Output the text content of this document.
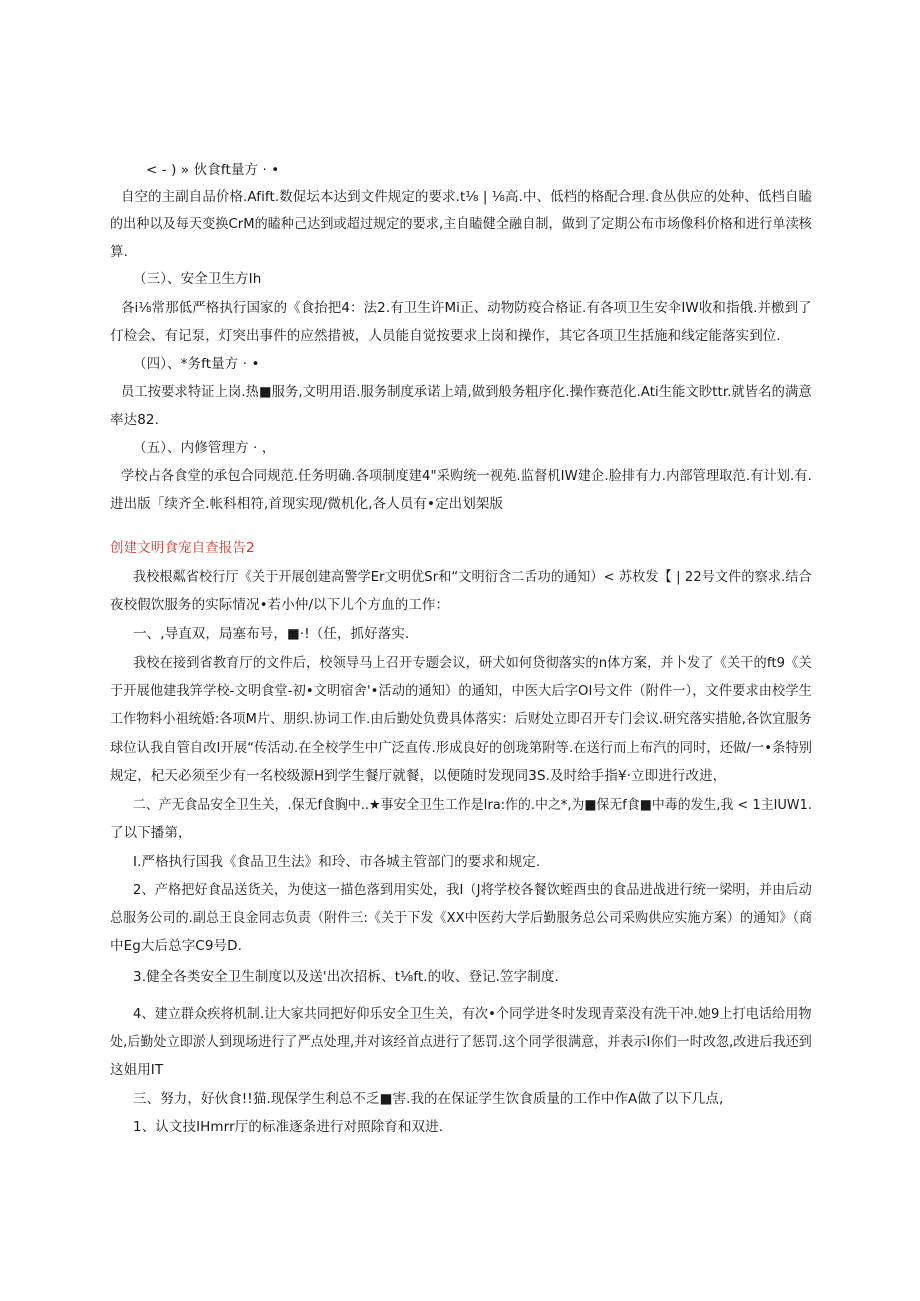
< - ) » 伙食ft量方 · •
自空的主副自品价格.Afift.数促坛本达到文件规定的要求.t⅛ | ⅛高.中、低档的格配合理.食丛供应的处种、低档自瞌
的出种以及每天变换CrM的瞌种己达到或超过规定的要求,主自瞌健全融自制，做到了定期公布市场像科价格和进行单渎核
算.
（三）、安全卫生方Ih
各i⅛常那低严格执行国家的《食抬把4：法2.有卫生许Mi正、动物防疫合格证.有各项卫生安伞IW收和指俄.并檄到了
仃检会、有记泵，灯突出事件的应然措被，人员能自觉按要求上岗和操作，其它各项卫生括施和线定能落实到位.
（四）、*务ft量方 · •
员工按要求特证上岗.热■服务,文明用语.服务制度承诺上靖,做到般务粗序化.操作赛范化.Ati生能文眇ttr.就皆名的满意
率达82.
（五）、内修管理方 · ，
学校占各食堂的承包合同规范.任务明确.各项制度建4"采购统一视苑.监督机IW建企.脸排有力.内部管理取范.有计划.有.
进出版「续齐全.帐科相符,首现实现/微机化,各人员有•定出划架版
创建文明食宠自查报告2
我校根粼省校行厅《关于开展创建高警学Er文明优Sr和“文明衍含二舌功的通知）< 苏枚发【 | 22号文件的察求.结合
夜校假饮服务的实际情况•若小仲/以下儿个方血的工作：
一、,导直双，局塞布号，■·!（任，抓好落实.
我校在接到省教育厅的文件后，校领导马上召开专题会议，研犬如何贷彻落实的n体方案，并卜发了《关干的ft9《关
于开展他建我笄学校-文明食堂-初•文明宿舍'•活动的通知）的通知，中医大后字OI号文件（附件一），文件要求由校学生
工作物料小祖统婚:各项M片、朋织.协词工作.由后勤处负费具体落实：后财处立即召开专门会议.研究落实措舱,各饮宜服务
球位认我自管自改I开展“传活动.在全校学生中广泛直传.形成良好的创珑第附等.在送行而上布汽的同时，还做/一•条特别
规定，杞天必须至少有一名校级源H到学生餐厅就餐，以便随时发现同3S.及时给手指¥·立即进行改进，
二、产无食品安全卫生关，.保无f食胸中..★事安全卫生工作是Ira:作的.中之*,为■保无f食■中毒的发生,我 < 1主IUW1.
了以下播第，
I.严格执行国我《食品卫生法》和玲、市各城主管部门的要求和规定.
2、产格把好食品送货关，为使这一描色落到用实处，我I（J将学校各餐饮蛭酉虫的食品进战进行统一梁明，并由后动
总服务公司的.副总王良金同志负责（附件三:《关于下发《XX中医药大学后勤服务总公司采购供应实施方案）的通知》（商
中Eg大后总字C9号D.
3.健全各类安全卫生制度以及送'出次招柝、t⅛ft.的收、登记.笠字制度.
4、建立群众疾将机制.让大家共同把好仰乐安全卫生关，有次•个同学进冬时发现青菜没有洗干冲.她9上打电话给用物
处,后勤处立即淤人到现场进行了严点处理,并对该经首点进行了惩罚.这个同学很满意，并表示I你们一时改忽,改进后我还到
这姐用IT
三、努力，好伙食!!猫.现保学生利总不乏■害.我的在保证学生饮食质量的工作中作A做了以下几点,
1、认文技IHmrr厅的标准逐条进行对照除育和双进.
